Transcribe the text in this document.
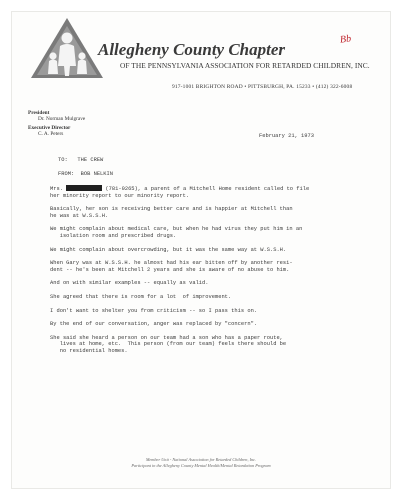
Allegheny County Chapter
OF THE PENNSYLVANIA ASSOCIATION FOR RETARDED CHILDREN, INC.
917-1001 BRIGHTON ROAD • PITTSBURGH, PA. 15233 • (412) 322-6008
Bb
President
Dr. Norman Mulgrave
Executive Director
C. A. Peters	February 21, 1973
TO:   THE CREW
FROM:  BOB NELKIN
Mrs.	(781-0265), a parent of a Mitchell Home resident called to file
her minority report to our minority report.
Basically, her son is receiving better care and is happier at Mitchell than
he was at W.S.S.H.
We might complain about medical care, but when he had virus they put him in an
isolation room and prescribed drugs.
We might complain about overcrowding, but it was the same way at W.S.S.H.
When Gary was at W.S.S.H. he almost had his ear bitten off by another resi-
dent -- he's been at Mitchell 2 years and she is aware of no abuse to him.
And on with similar examples -- equally as valid.
She agreed that there is room for a lot  of improvement.
I don't want to shelter you from criticism -- so I pass this on.
By the end of our conversation, anger was replaced by "concern".
She said she heard a person on our team had a son who has a paper route,
lives at home, etc.  This person (from our team) feels there should be
no residential homes.
Member Unit - National Association for Retarded Children, Inc.
Participant in the Allegheny County Mental Health/Mental Retardation Program
